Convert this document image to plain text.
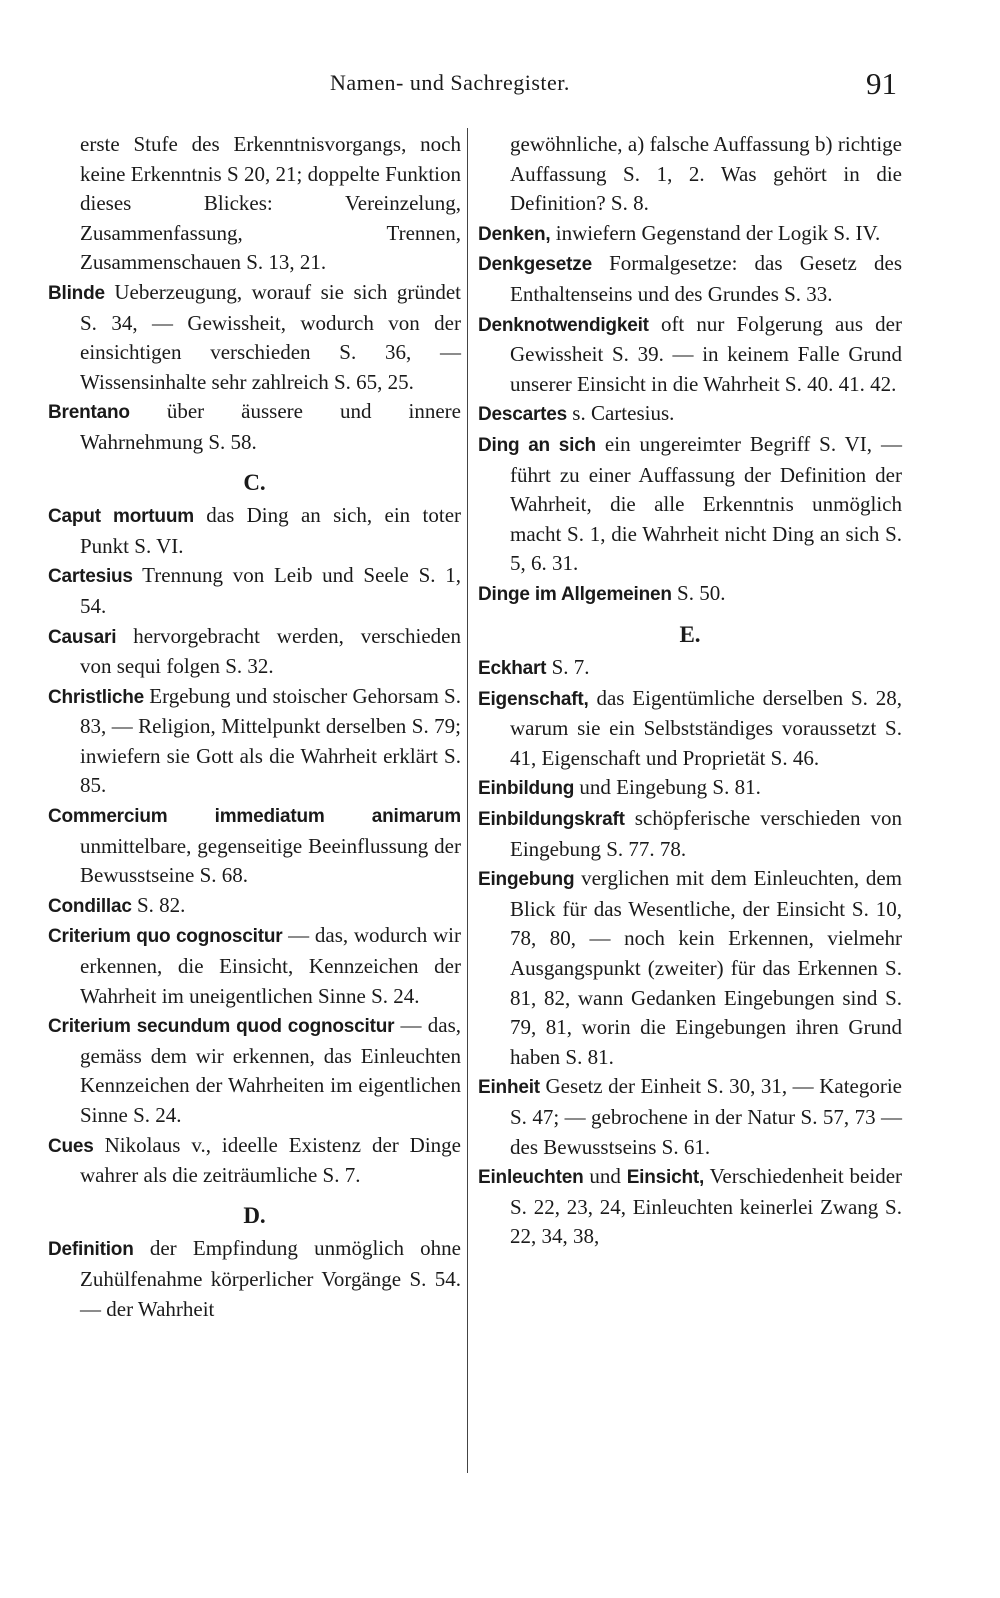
Namen- und Sachregister.	91

erste Stufe des Erkenntnisvorgangs, noch keine Erkenntnis S 20, 21; doppelte Funktion dieses Blickes: Vereinzelung, Zusammenfassung, Trennen, Zusammenschauen S. 13, 21.

Blinde Ueberzeugung, worauf sie sich gründet S. 34, — Gewissheit, wodurch von der einsichtigen verschieden S. 36, — Wissensinhalte sehr zahlreich S. 65, 25.

Brentano über äussere und innere Wahrnehmung S. 58.

C.

Caput mortuum das Ding an sich, ein toter Punkt S. VI.

Cartesius Trennung von Leib und Seele S. 1, 54.

Causari hervorgebracht werden, verschieden von sequi folgen S. 32.

Christliche Ergebung und stoischer Gehorsam S. 83, — Religion, Mittelpunkt derselben S. 79; inwiefern sie Gott als die Wahrheit erklärt S. 85.

Commercium immediatum animarum unmittelbare, gegenseitige Beeinflussung der Bewusstseine S. 68.

Condillac S. 82.

Criterium quo cognoscitur — das, wodurch wir erkennen, die Einsicht, Kennzeichen der Wahrheit im uneigentlichen Sinne S. 24.

Criterium secundum quod cognoscitur — das, gemäss dem wir erkennen, das Einleuchten Kennzeichen der Wahrheiten im eigentlichen Sinne S. 24.

Cues Nikolaus v., ideelle Existenz der Dinge wahrer als die zeiträumliche S. 7.

D.

Definition der Empfindung unmöglich ohne Zuhülfenahme körperlicher Vorgänge S. 54. — der Wahrheit

gewöhnliche, a) falsche Auffassung b) richtige Auffassung S. 1, 2. Was gehört in die Definition? S. 8.

Denken, inwiefern Gegenstand der Logik S. IV.

Denkgesetze Formalgesetze: das Gesetz des Enthaltenseins und des Grundes S. 33.

Denknotwendigkeit oft nur Folgerung aus der Gewissheit S. 39. — in keinem Falle Grund unserer Einsicht in die Wahrheit S. 40. 41. 42.

Descartes s. Cartesius.

Ding an sich ein ungereimter Begriff S. VI, — führt zu einer Auffassung der Definition der Wahrheit, die alle Erkenntnis unmöglich macht S. 1, die Wahrheit nicht Ding an sich S. 5, 6. 31.

Dinge im Allgemeinen S. 50.

E.

Eckhart S. 7.

Eigenschaft, das Eigentümliche derselben S. 28, warum sie ein Selbstständiges voraussetzt S. 41, Eigenschaft und Proprietät S. 46.

Einbildung und Eingebung S. 81.

Einbildungskraft schöpferische verschieden von Eingebung S. 77. 78.

Eingebung verglichen mit dem Einleuchten, dem Blick für das Wesentliche, der Einsicht S. 10, 78, 80, — noch kein Erkennen, vielmehr Ausgangspunkt (zweiter) für das Erkennen S. 81, 82, wann Gedanken Eingebungen sind S. 79, 81, worin die Eingebungen ihren Grund haben S. 81.

Einheit Gesetz der Einheit S. 30, 31, — Kategorie S. 47; — gebrochene in der Natur S. 57, 73 — des Bewusstseins S. 61.

Einleuchten und Einsicht, Verschiedenheit beider S. 22, 23, 24, Einleuchten keinerlei Zwang S. 22, 34, 38,
